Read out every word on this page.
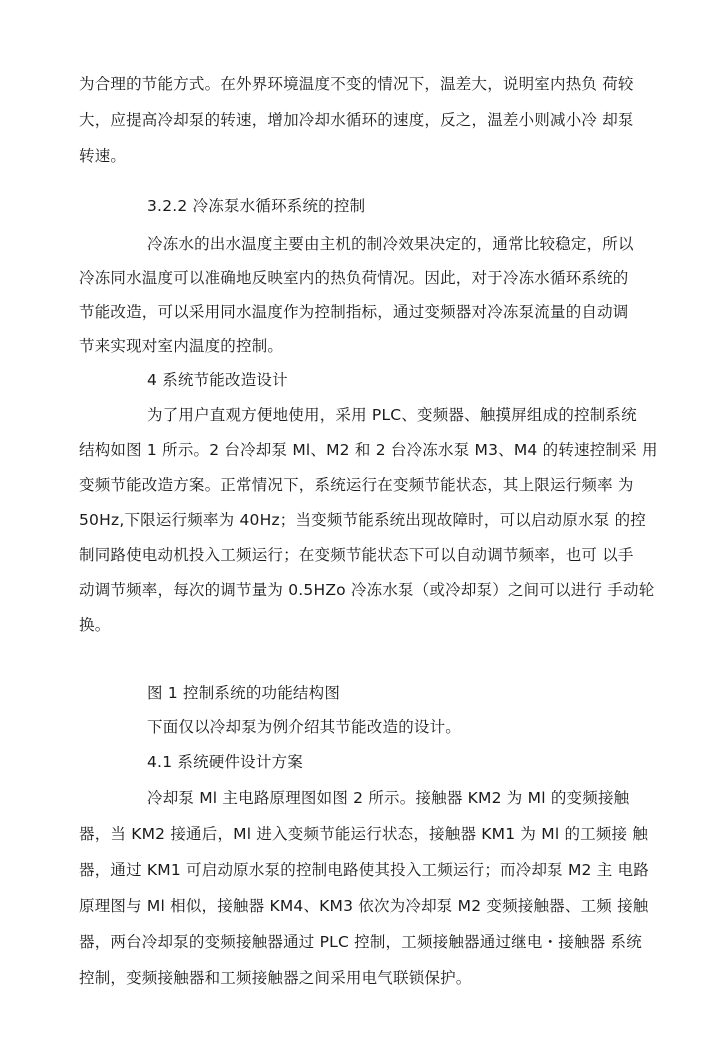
为合理的节能方式。在外界环境温度不变的情况下，温差大，说明室内热负 荷较
大，应提高冷却泵的转速，增加冷却水循环的速度，反之，温差小则减小冷 却泵
转速。
3.2.2 冷冻泵水循环系统的控制
冷冻水的出水温度主要由主机的制冷效果决定的，通常比较稳定，所以
冷冻同水温度可以准确地反映室内的热负荷情况。因此，对于冷冻水循环系统的
节能改造，可以采用同水温度作为控制指标，通过变频器对冷冻泵流量的自动调
节来实现对室内温度的控制。
4 系统节能改造设计
为了用户直观方便地使用，采用 PLC、变频器、触摸屏组成的控制系统
结构如图 1 所示。2 台冷却泵 Ml、M2 和 2 台冷冻水泵 M3、M4 的转速控制采 用
变频节能改造方案。正常情况下，系统运行在变频节能状态，其上限运行频率 为
50Hz,下限运行频率为 40Hz；当变频节能系统出现故障时，可以启动原水泵 的控
制同路使电动机投入工频运行；在变频节能状态下可以自动调节频率，也可 以手
动调节频率，每次的调节量为 0.5HZo 冷冻水泵（或冷却泵）之间可以进行 手动轮
换。
图 1 控制系统的功能结构图
下面仅以冷却泵为例介绍其节能改造的设计。
4.1 系统硬件设计方案
冷却泵 Ml 主电路原理图如图 2 所示。接触器 KM2 为 Ml 的变频接触
器，当 KM2 接通后，Ml 进入变频节能运行状态，接触器 KM1 为 Ml 的工频接 触
器，通过 KM1 可启动原水泵的控制电路使其投入工频运行；而冷却泵 M2 主 电路
原理图与 Ml 相似，接触器 KM4、KM3 依次为冷却泵 M2 变频接触器、工频 接触
器，两台冷却泵的变频接触器通过 PLC 控制，工频接触器通过继电・接触器 系统
控制，变频接触器和工频接触器之间采用电气联锁保护。
